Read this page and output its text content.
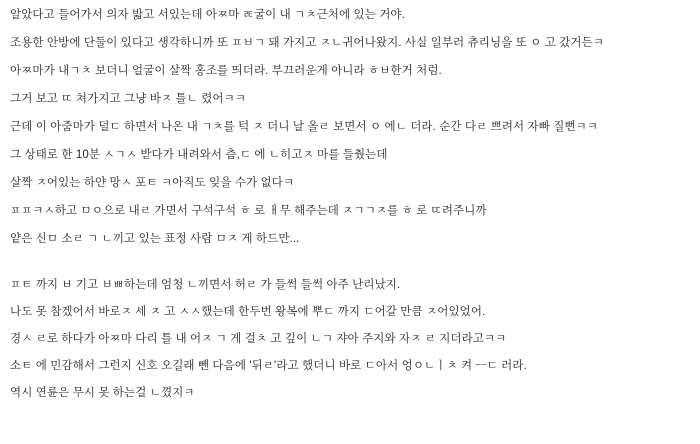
알았다고 들어가서 의자 밟고 서있는데 아ㅉ마 ㄾ굴이 내 ㄱㅊ근처에 있는 거야.

조용한 안방에 단둘이 있다고 생각하니까 또 ㅍㅂㄱ 돼 가지고 ㅈㄴ귀어나왔지. 사실 일부러 츄리닝을 또 ㅇ 고 갔거든ㅋ

아ㅉ마가 내ㄱㅊ 보더니 얼굴이 살짝 홍조를 띄더라. 부끄러운게 아니라 ㅎㅂ한거 처럼.

그거 보고 ㄸ 쳐가지고 그냥 바ㅈ 틀ㄴ 렸어ㅋㅋ

근데 이 아줌마가 덜ㄷ 하면서 나온 내 ㄱㅊ를 턱 ㅈ 더니 날 올ㄹ 보면서 ㅇ 에ㄴ 더라. 순간 다ㄹ 쁘려서 자빠 질뻔ㅋㅋ

그 상태로 한 10분 ㅅㄱㅅ 받다가 내려와서 츰,ㄷ 에 ㄴ히고ㅈ 마를 들췄는데

살짝 ㅈ어있는 하얀 망ㅅ 포ㅌ ㅋ아직도 잊을 수가 없다ㅋ

ㅍㅍㅋㅅ하고 ㅁㅇ으로 내ㄹ 가면서 구석구석 ㅎ 로 ㅐ무 해주는데 ㅈㄱㄱㅈ를 ㅎ 로 ㄸ려주니까

얕은 신ㅁ 소ㄹ ㄱ ㄴ끼고 있는 표정 사람 ㅁㅈ 게 하드만...

ㅍㅌ 까지 ㅂ 기고 ㅂㅃ하는데 엄청 ㄴ끼면서 허ㄹ 가 들썩 들썩 아주 난리났지.

나도 못 참겠어서 바로ㅈ 세 ㅈ 고 ㅅㅅ했는데 한두번 왕복에 뿌ㄷ 까지 ㄷ어갈 만큼 ㅈ어있었어.

경ㅅ ㄹ로 하다가 아ㅉ마 다리 틀 내 어ㅈ ㄱ 게 걸ㅊ 고 깊이 ㄴㄱ 쟈아 주지와 자ㅈ ㄹ 지더라고ㅋㅋ

소ㅌ 에 민감해서 그런지 신호 오길래 뺀 다음에 '뒤ㄹ'라고 했더니 바로 ㄷ아서 엉ㅇㄴㅣㅊ 켜 ㅡㄷ 러라.

역시 연륜은 무시 못 하는걸 ㄴ꼈지ㅋ
